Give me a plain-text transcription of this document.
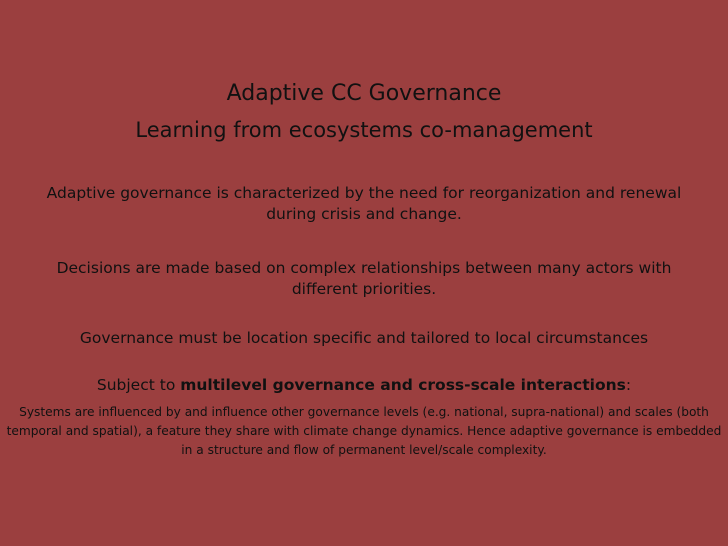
Adaptive CC Governance
Learning from ecosystems co-management
Adaptive governance is characterized by the need for reorganization and renewal during crisis and change.
Decisions are made based on complex relationships between many actors with different priorities.
Governance must be location specific and tailored to local circumstances
Subject to multilevel governance and cross-scale interactions:
Systems are influenced by and influence other governance levels (e.g. national, supra-national) and scales (both temporal and spatial), a feature they share with climate change dynamics. Hence adaptive governance is embedded in a structure and flow of permanent level/scale complexity.
